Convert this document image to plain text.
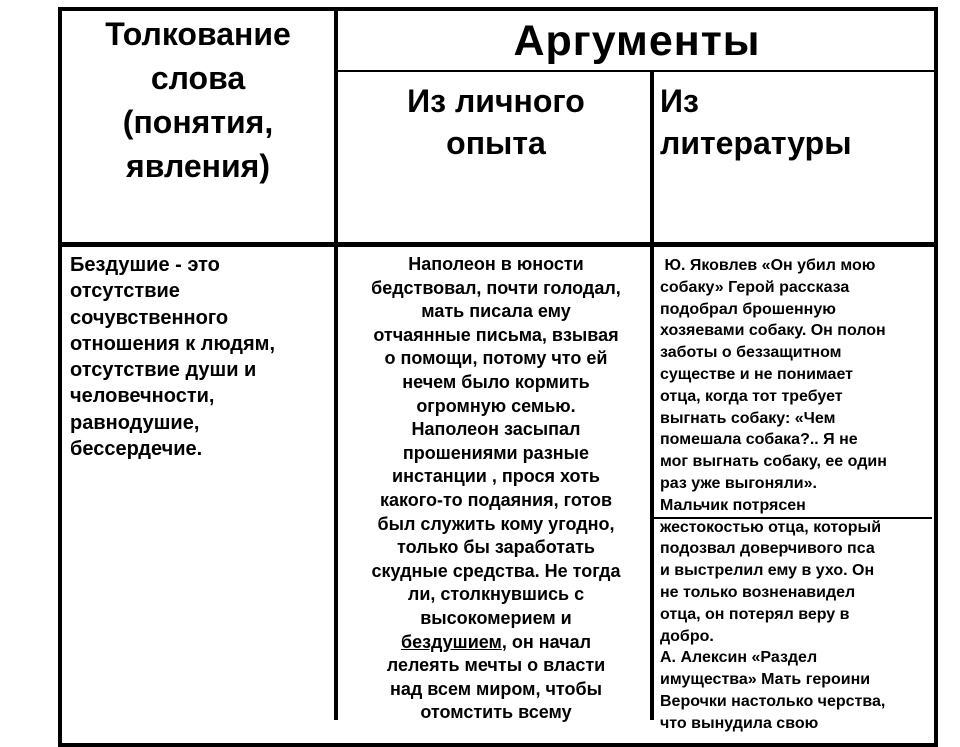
Толкование
слова
(понятия,
явления)
Аргументы
Из личного
опыта
Из
литературы
Бездушие - это
отсутствие
сочувственного
отношения к людям,
отсутствие души и
человечности,
равнодушие,
бессердечие.
Наполеон в юности
бедствовал, почти голодал,
мать писала ему
отчаянные письма, взывая
о помощи, потому что ей
нечем было кормить
огромную семью.
Наполеон засыпал
прошениями разные
инстанции , прося хоть
какого-то подаяния, готов
был служить кому угодно,
только бы заработать
скудные средства. Не тогда
ли, столкнувшись с
высокомерием и
бездушием, он начал
лелеять мечты о власти
над всем миром, чтобы
отомстить всему
Ю. Яковлев «Он убил мою
собаку» Герой рассказа
подобрал брошенную
хозяевами собаку. Он полон
заботы о беззащитном
существе и не понимает
отца, когда тот требует
выгнать собаку: «Чем
помешала собака?.. Я не
мог выгнать собаку, ее один
раз уже выгоняли».
Мальчик потрясен
жестокостью отца, который
подозвал доверчивого пса
и выстрелил ему в ухо. Он
не только возненавидел
отца, он потерял веру в
добро.
А. Алексин «Раздел
имущества» Мать героини
Верочки настолько черства,
что вынудила свою
